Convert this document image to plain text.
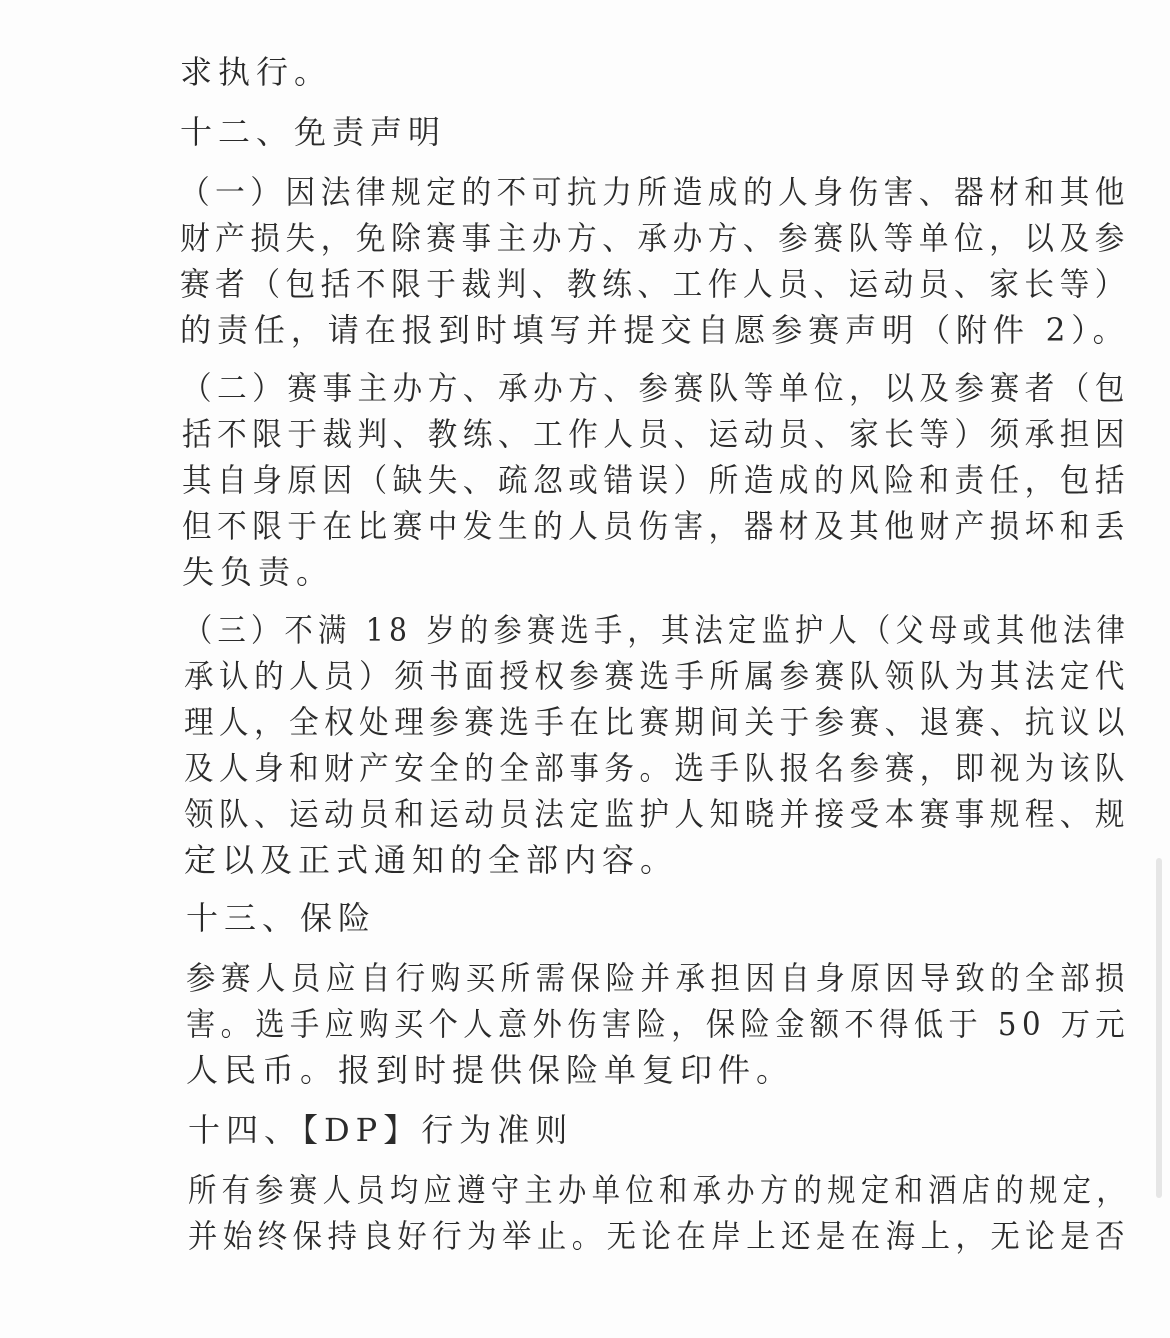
求执行。
十二、免责声明
（一）因法律规定的不可抗力所造成的人身伤害、器材和其他
财产损失，免除赛事主办方、承办方、参赛队等单位，以及参
赛者（包括不限于裁判、教练、工作人员、运动员、家长等）
的责任，请在报到时填写并提交自愿参赛声明（附件 2）。
（二）赛事主办方、承办方、参赛队等单位，以及参赛者（包
括不限于裁判、教练、工作人员、运动员、家长等）须承担因
其自身原因（缺失、疏忽或错误）所造成的风险和责任，包括
但不限于在比赛中发生的人员伤害，器材及其他财产损坏和丢
失负责。
（三）不满 18 岁的参赛选手，其法定监护人（父母或其他法律
承认的人员）须书面授权参赛选手所属参赛队领队为其法定代
理人，全权处理参赛选手在比赛期间关于参赛、退赛、抗议以
及人身和财产安全的全部事务。选手队报名参赛，即视为该队
领队、运动员和运动员法定监护人知晓并接受本赛事规程、规
定以及正式通知的全部内容。
十三、保险
参赛人员应自行购买所需保险并承担因自身原因导致的全部损
害。选手应购买个人意外伤害险，保险金额不得低于 50 万元
人民币。报到时提供保险单复印件。
十四、【DP】行为准则
所有参赛人员均应遵守主办单位和承办方的规定和酒店的规定，
并始终保持良好行为举止。无论在岸上还是在海上，无论是否
